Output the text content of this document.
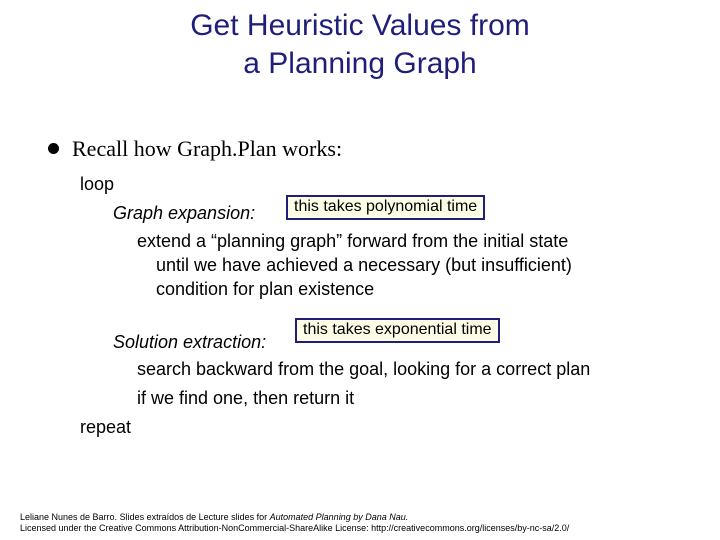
Get Heuristic Values from
a Planning Graph
Recall how Graph.Plan works:
loop
Graph expansion:	this takes polynomial time
extend a “planning graph” forward from the initial state
until we have achieved a necessary (but insufficient)
condition for plan existence
this takes exponential time
Solution extraction:
search backward from the goal, looking for a correct plan
if we find one, then return it
repeat
Leliane Nunes de Barro. Slides extraídos de Lecture slides for Automated Planning by Dana Nau.
Licensed under the Creative Commons Attribution-NonCommercial-ShareAlike License: http://creativecommons.org/licenses/by-nc-sa/2.0/
